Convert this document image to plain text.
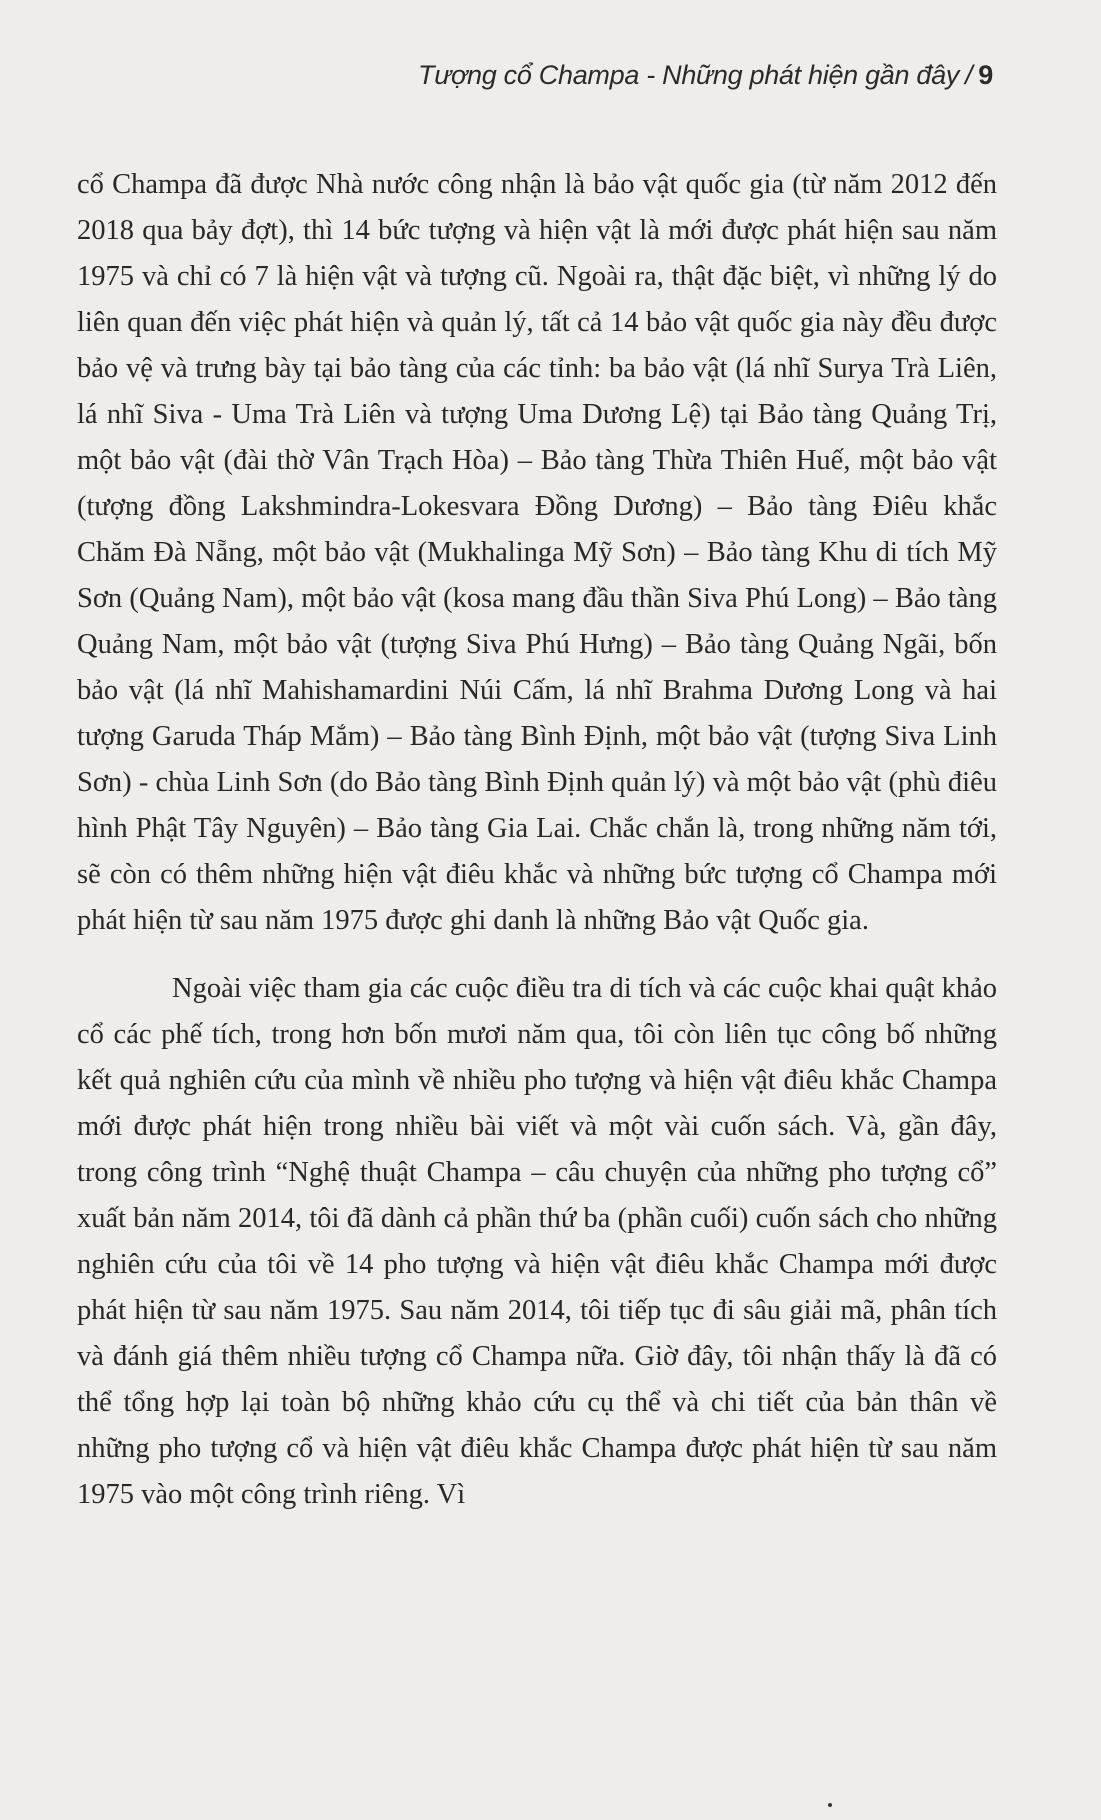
Tượng cổ Champa - Những phát hiện gần đây / 9

cổ Champa đã được Nhà nước công nhận là bảo vật quốc gia (từ năm 2012 đến 2018 qua bảy đợt), thì 14 bức tượng và hiện vật là mới được phát hiện sau năm 1975 và chỉ có 7 là hiện vật và tượng cũ. Ngoài ra, thật đặc biệt, vì những lý do liên quan đến việc phát hiện và quản lý, tất cả 14 bảo vật quốc gia này đều được bảo vệ và trưng bày tại bảo tàng của các tỉnh: ba bảo vật (lá nhĩ Surya Trà Liên, lá nhĩ Siva - Uma Trà Liên và tượng Uma Dương Lệ) tại Bảo tàng Quảng Trị, một bảo vật (đài thờ Vân Trạch Hòa) – Bảo tàng Thừa Thiên Huế, một bảo vật (tượng đồng Lakshmindra-Lokesvara Đồng Dương) – Bảo tàng Điêu khắc Chăm Đà Nẵng, một bảo vật (Mukhalinga Mỹ Sơn) – Bảo tàng Khu di tích Mỹ Sơn (Quảng Nam), một bảo vật (kosa mang đầu thần Siva Phú Long) – Bảo tàng Quảng Nam, một bảo vật (tượng Siva Phú Hưng) – Bảo tàng Quảng Ngãi, bốn bảo vật (lá nhĩ Mahishamardini Núi Cấm, lá nhĩ Brahma Dương Long và hai tượng Garuda Tháp Mắm) – Bảo tàng Bình Định, một bảo vật (tượng Siva Linh Sơn) - chùa Linh Sơn (do Bảo tàng Bình Định quản lý) và một bảo vật (phù điêu hình Phật Tây Nguyên) – Bảo tàng Gia Lai. Chắc chắn là, trong những năm tới, sẽ còn có thêm những hiện vật điêu khắc và những bức tượng cổ Champa mới phát hiện từ sau năm 1975 được ghi danh là những Bảo vật Quốc gia.

Ngoài việc tham gia các cuộc điều tra di tích và các cuộc khai quật khảo cổ các phế tích, trong hơn bốn mươi năm qua, tôi còn liên tục công bố những kết quả nghiên cứu của mình về nhiều pho tượng và hiện vật điêu khắc Champa mới được phát hiện trong nhiều bài viết và một vài cuốn sách. Và, gần đây, trong công trình “Nghệ thuật Champa – câu chuyện của những pho tượng cổ” xuất bản năm 2014, tôi đã dành cả phần thứ ba (phần cuối) cuốn sách cho những nghiên cứu của tôi về 14 pho tượng và hiện vật điêu khắc Champa mới được phát hiện từ sau năm 1975. Sau năm 2014, tôi tiếp tục đi sâu giải mã, phân tích và đánh giá thêm nhiều tượng cổ Champa nữa. Giờ đây, tôi nhận thấy là đã có thể tổng hợp lại toàn bộ những khảo cứu cụ thể và chi tiết của bản thân về những pho tượng cổ và hiện vật điêu khắc Champa được phát hiện từ sau năm 1975 vào một công trình riêng. Vì
